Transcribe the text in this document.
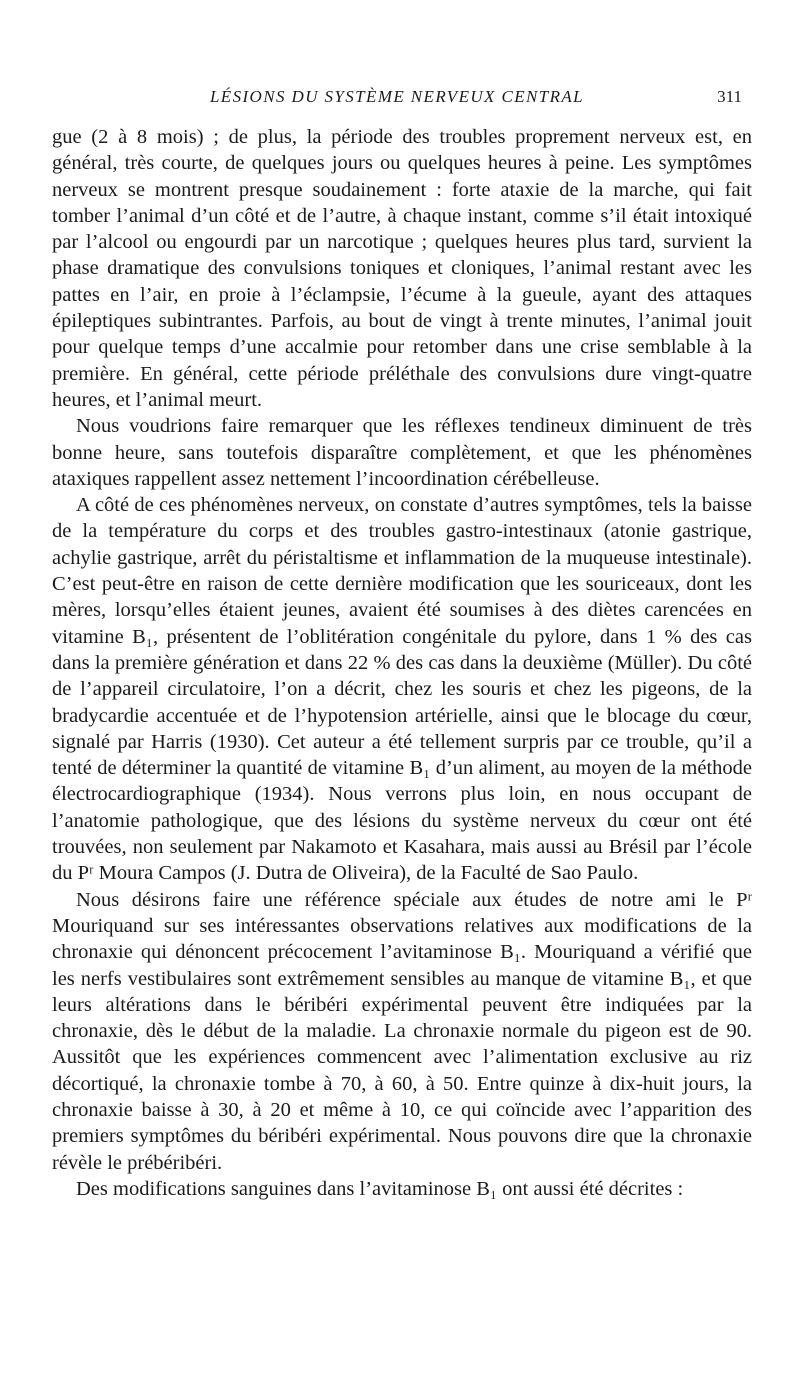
LÉSIONS DU SYSTÈME NERVEUX CENTRAL	311

gue (2 à 8 mois) ; de plus, la période des troubles proprement nerveux est, en général, très courte, de quelques jours ou quelques heures à peine. Les symptômes nerveux se montrent presque soudainement : forte ataxie de la marche, qui fait tomber l’animal d’un côté et de l’autre, à chaque instant, comme s’il était intoxiqué par l’alcool ou engourdi par un narcotique ; quelques heures plus tard, survient la phase dramatique des convulsions toniques et cloniques, l’animal restant avec les pattes en l’air, en proie à l’éclampsie, l’écume à la gueule, ayant des attaques épileptiques subintrantes. Parfois, au bout de vingt à trente minutes, l’animal jouit pour quelque temps d’une accalmie pour retomber dans une crise semblable à la première. En général, cette période préléthale des convulsions dure vingt-quatre heures, et l’animal meurt.

Nous voudrions faire remarquer que les réflexes tendineux diminuent de très bonne heure, sans toutefois disparaître complètement, et que les phénomènes ataxiques rappellent assez nettement l’incoordination cérébelleuse.

A côté de ces phénomènes nerveux, on constate d’autres symptômes, tels la baisse de la température du corps et des troubles gastro-intestinaux (atonie gastrique, achylie gastrique, arrêt du péristaltisme et inflammation de la muqueuse intestinale). C’est peut-être en raison de cette dernière modification que les souriceaux, dont les mères, lorsqu’elles étaient jeunes, avaient été soumises à des diètes carencées en vitamine B₁, présentent de l’oblitération congénitale du pylore, dans 1 % des cas dans la première génération et dans 22 % des cas dans la deuxième (Müller). Du côté de l’appareil circulatoire, l’on a décrit, chez les souris et chez les pigeons, de la bradycardie accentuée et de l’hypotension artérielle, ainsi que le blocage du cœur, signalé par Harris (1930). Cet auteur a été tellement surpris par ce trouble, qu’il a tenté de déterminer la quantité de vitamine B₁ d’un aliment, au moyen de la méthode électrocardiographique (1934). Nous verrons plus loin, en nous occupant de l’anatomie pathologique, que des lésions du système nerveux du cœur ont été trouvées, non seulement par Nakamoto et Kasahara, mais aussi au Brésil par l’école du Pʳ Moura Campos (J. Dutra de Oliveira), de la Faculté de Sao Paulo.

Nous désirons faire une référence spéciale aux études de notre ami le Pʳ Mouriquand sur ses intéressantes observations relatives aux modifications de la chronaxie qui dénoncent précocement l’avitaminose B₁. Mouriquand a vérifié que les nerfs vestibulaires sont extrêmement sensibles au manque de vitamine B₁, et que leurs altérations dans le béribéri expérimental peuvent être indiquées par la chronaxie, dès le début de la maladie. La chronaxie normale du pigeon est de 90. Aussitôt que les expériences commencent avec l’alimentation exclusive au riz décortiqué, la chronaxie tombe à 70, à 60, à 50. Entre quinze à dix-huit jours, la chronaxie baisse à 30, à 20 et même à 10, ce qui coïncide avec l’apparition des premiers symptômes du béribéri expérimental. Nous pouvons dire que la chronaxie révèle le prébéribéri.

Des modifications sanguines dans l’avitaminose B₁ ont aussi été décrites :
